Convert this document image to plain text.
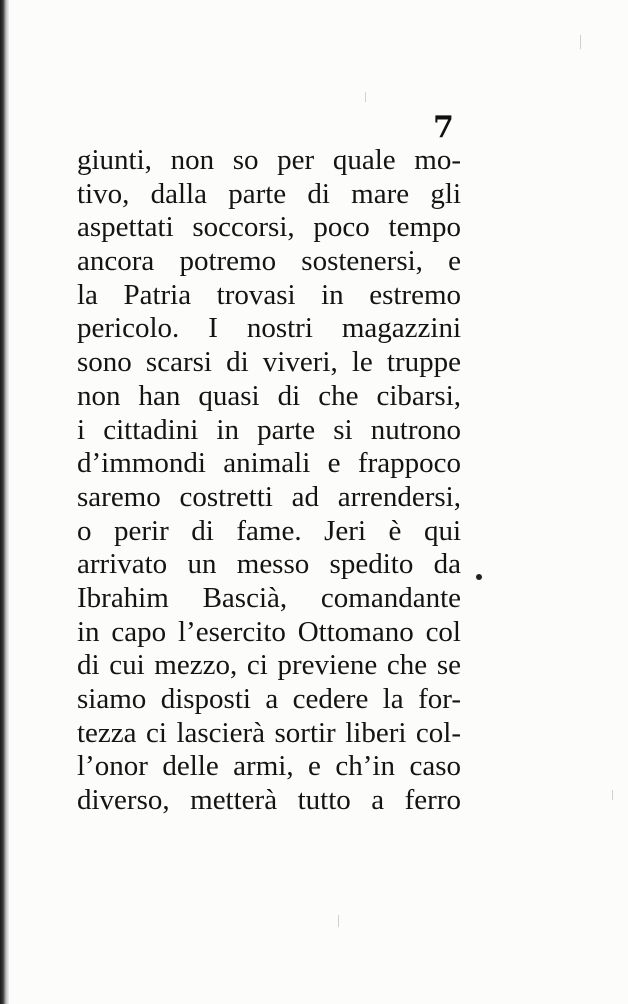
7
giunti, non so per quale mo-
tivo, dalla parte di mare gli
aspettati soccorsi, poco tempo
ancora potremo sostenersi, e
la Patria trovasi in estremo
pericolo. I nostri magazzini
sono scarsi di viveri, le truppe
non han quasi di che cibarsi,
i cittadini in parte si nutrono
d’immondi animali e frappoco
saremo costretti ad arrendersi,
o perir di fame. Jeri è qui
arrivato un messo spedito da
Ibrahim Bascià, comandante
in capo l’esercito Ottomano col
di cui mezzo, ci previene che se
siamo disposti a cedere la for-
tezza ci lascierà sortir liberi col-
l’onor delle armi, e ch’in caso
diverso, metterà tutto a ferro
